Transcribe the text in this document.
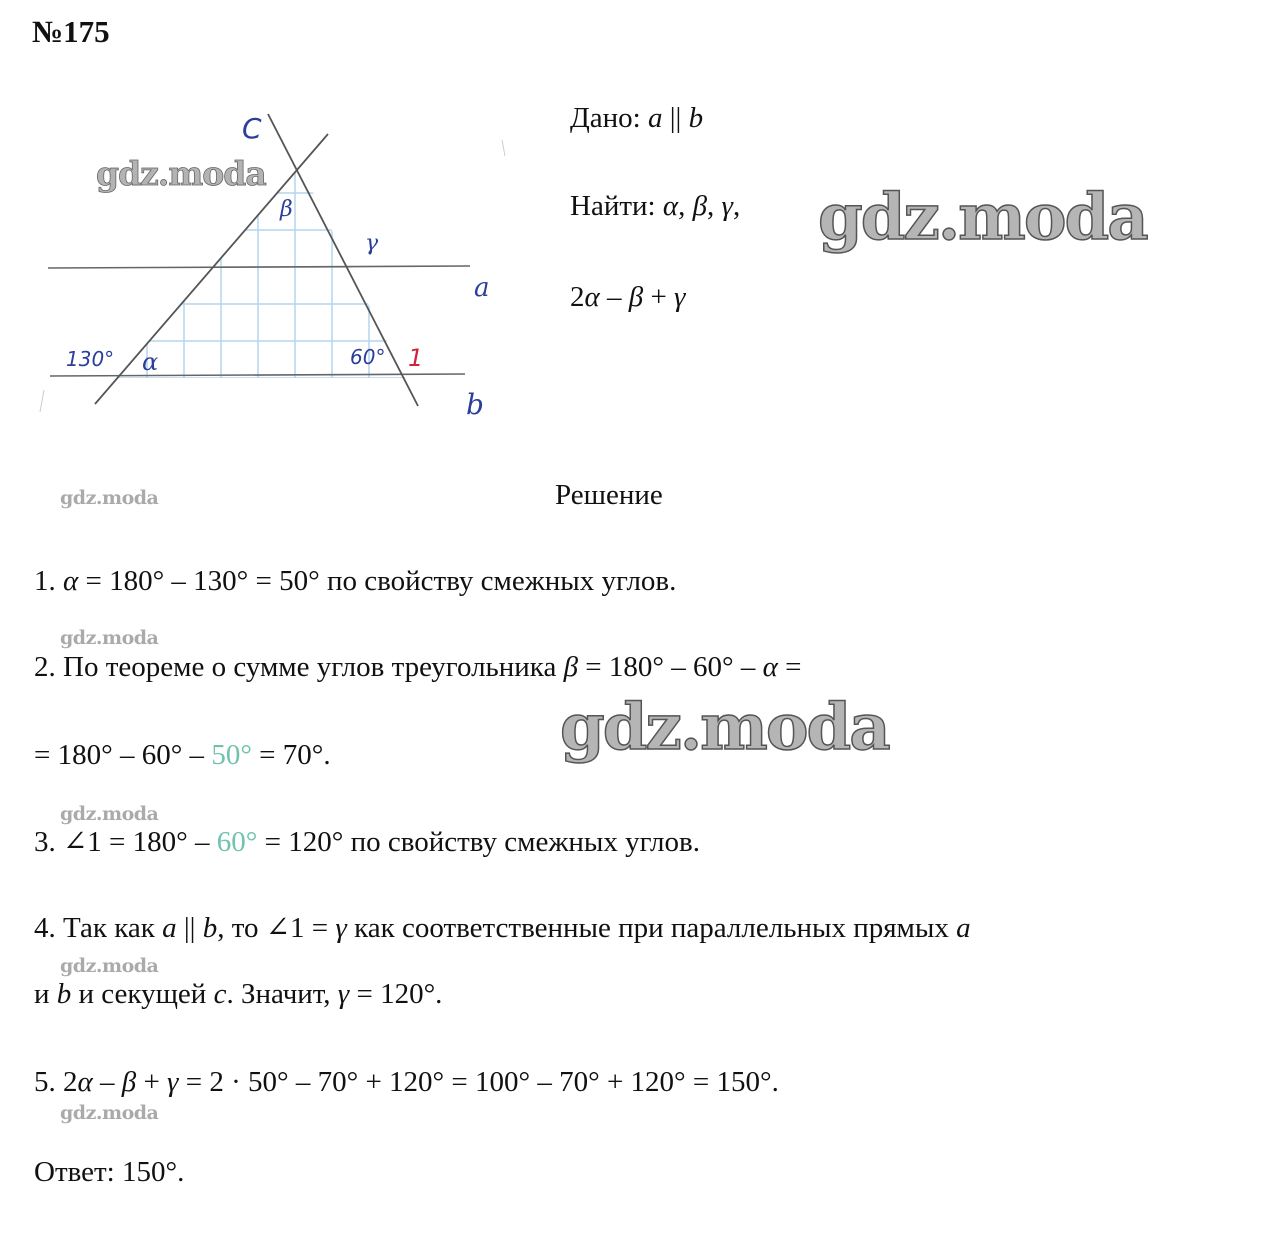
№175
Дано: a || b
Найти: α, β, γ,
2α – β + γ
gdz.moda
C
β
γ
a
130° α	60° 1
b
gdz.moda
Решение
gdz.moda
1. α = 180° – 130° = 50° по свойству смежных углов.
gdz.moda
2. По теореме о сумме углов треугольника β = 180° – 60° – α =
= 180° – 60° – 50° = 70°.	gdz.moda
gdz.moda
3. ∠1 = 180° – 60° = 120° по свойству смежных углов.
4. Так как a || b, то ∠1 = γ как соответственные при параллельных прямых a
gdz.moda
и b и секущей c. Значит, γ = 120°.
5. 2α – β + γ = 2 · 50° – 70° + 120° = 100° – 70° + 120° = 150°.
gdz.moda
Ответ: 150°.
